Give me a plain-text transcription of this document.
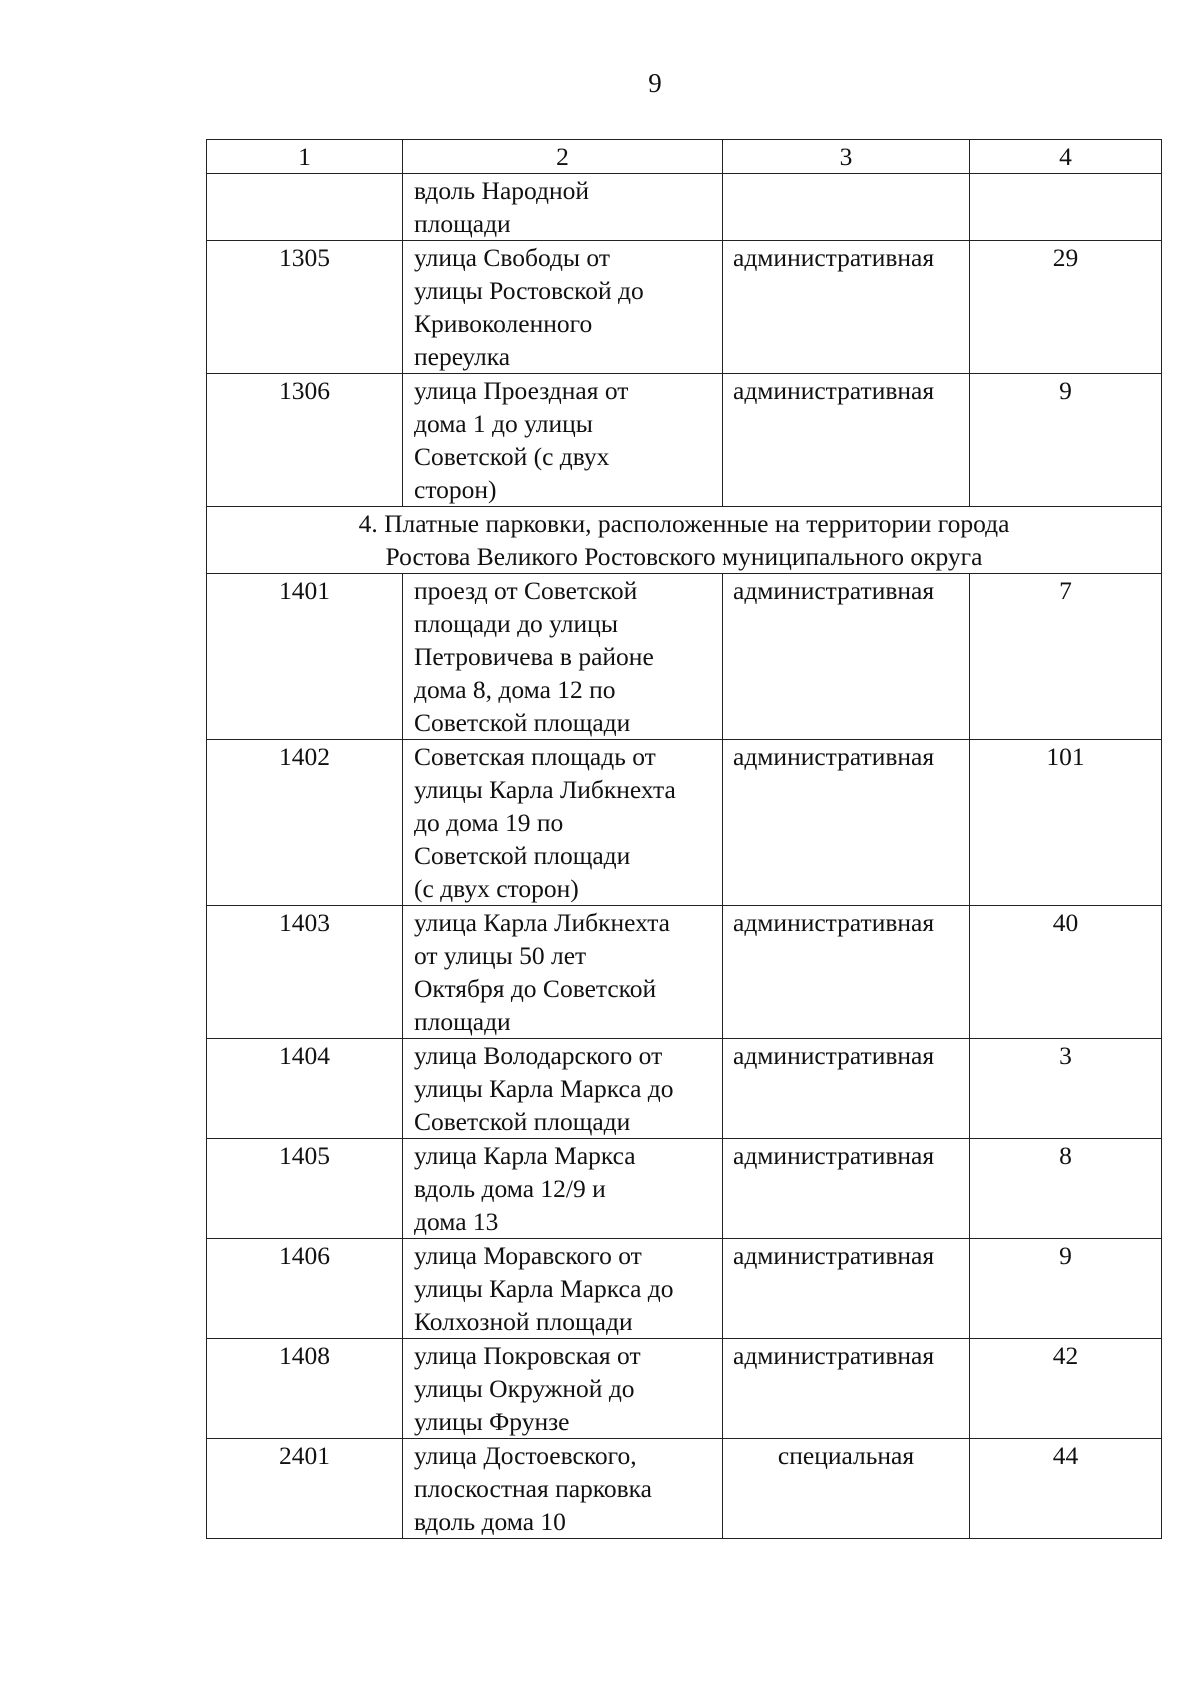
9
1	2	3	4

	вдоль Народной
площади		

1305	улица Свободы от
улицы Ростовской до
Кривоколенного
переулка	административная	29
1306	улица Проездная от
дома 1 до улицы
Советской (с двух
сторон)	административная	9

4. Платные парковки, расположенные на территории города
Ростова Великого Ростовского муниципального округа			

1401	проезд от Советской
площади до улицы
Петровичева в районе
дома 8, дома 12 по
Советской площади	административная	7
1402	Советская площадь от
улицы Карла Либкнехта
до дома 19 по
Советской площади
(с двух сторон)	административная	101
1403	улица Карла Либкнехта
от улицы 50 лет
Октября до Советской
площади	административная	40
1404	улица Володарского от
улицы Карла Маркса до
Советской площади	административная	3
1405	улица Карла Маркса
вдоль дома 12/9 и
дома 13	административная	8
1406	улица Моравского от
улицы Карла Маркса до
Колхозной площади	административная	9
1408	улица Покровская от
улицы Окружной до
улицы Фрунзе	административная	42
2401	улица Достоевского,
плоскостная парковка
вдоль дома 10	специальная	44
